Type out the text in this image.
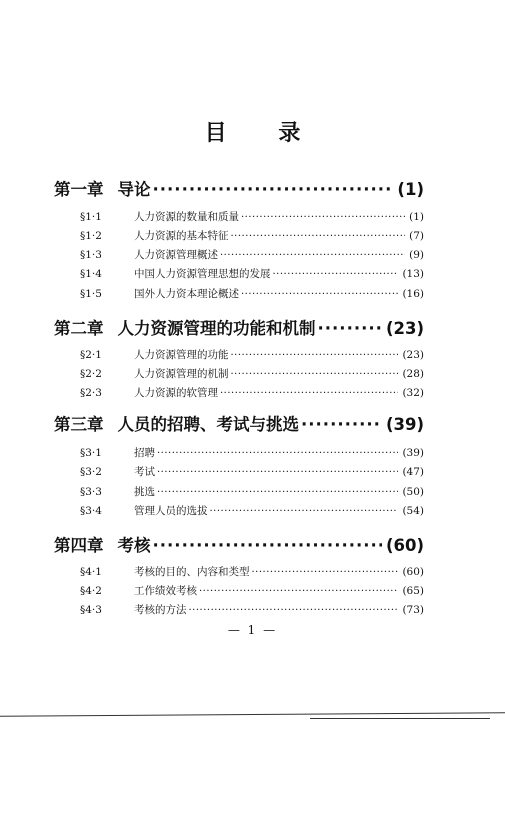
目 录
第一章 导论 ·····	(1)
§1·1	人力资源的数量和质量 ·····	(1)
§1·2	人力资源的基本特征 ·····	(7)
§1·3	人力资源管理概述 ·····	(9)
§1·4	中国人力资源管理思想的发展 ·····	(13)
§1·5	国外人力资本理论概述 ·····	(16)
第二章 人力资源管理的功能和机制 ·····	(23)
§2·1	人力资源管理的功能 ·····	(23)
§2·2	人力资源管理的机制 ·····	(28)
§2·3	人力资源的软管理 ·····	(32)
第三章 人员的招聘、考试与挑选 ·····	(39)
§3·1	招聘 ·····	(39)
§3·2	考试 ·····	(47)
§3·3	挑选 ·····	(50)
§3·4	管理人员的选拔 ·····	(54)
第四章 考核 ·····	(60)
§4·1	考核的目的、内容和类型 ·····	(60)
§4·2	工作绩效考核 ·····	(65)
§4·3	考核的方法 ·····	(73)
— 1 —
